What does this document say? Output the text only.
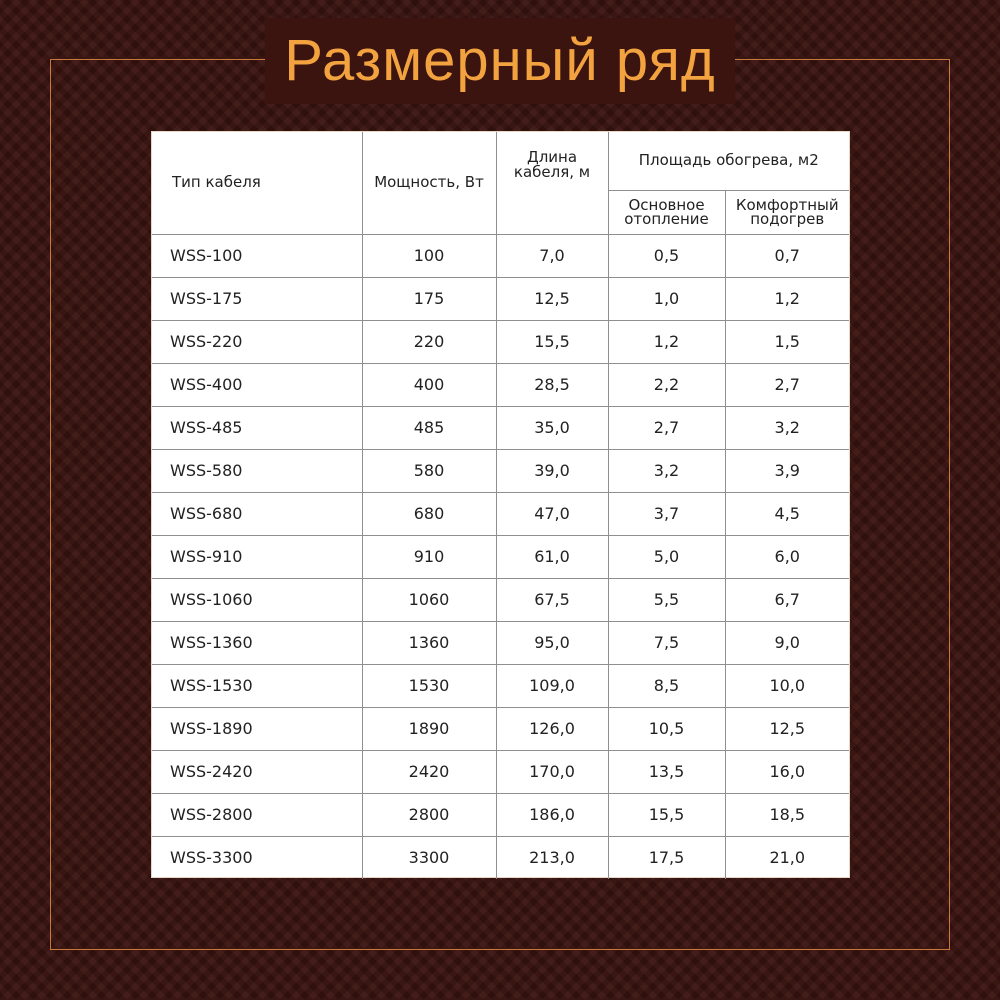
Размерный ряд
Тип кабеля	Мощность, Вт	Длина кабеля, м	Площадь обогрева, м2	
			Основное отопление	Комфортный подогрев
WSS-100	100	7,0	0,5	0,7
WSS-175	175	12,5	1,0	1,2
WSS-220	220	15,5	1,2	1,5
WSS-400	400	28,5	2,2	2,7
WSS-485	485	35,0	2,7	3,2
WSS-580	580	39,0	3,2	3,9
WSS-680	680	47,0	3,7	4,5
WSS-910	910	61,0	5,0	6,0
WSS-1060	1060	67,5	5,5	6,7
WSS-1360	1360	95,0	7,5	9,0
WSS-1530	1530	109,0	8,5	10,0
WSS-1890	1890	126,0	10,5	12,5
WSS-2420	2420	170,0	13,5	16,0
WSS-2800	2800	186,0	15,5	18,5
WSS-3300	3300	213,0	17,5	21,0
